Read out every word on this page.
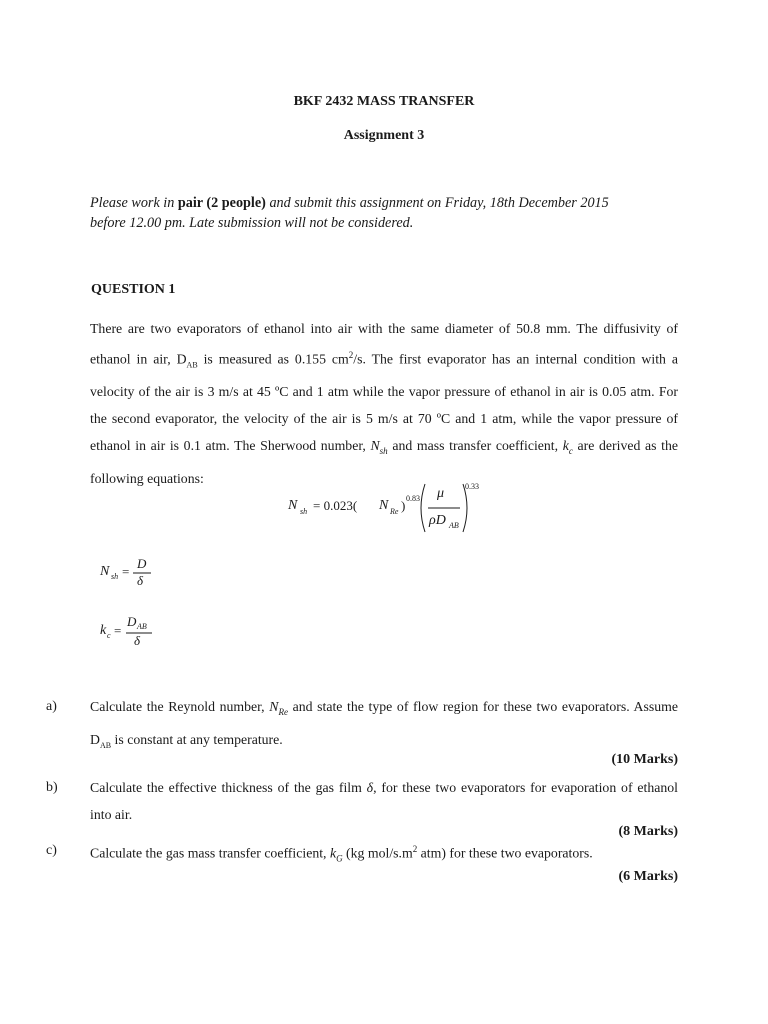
BKF 2432 MASS TRANSFER
Assignment 3
Please work in pair (2 people) and submit this assignment on Friday, 18th December 2015
before 12.00 pm. Late submission will not be considered.
QUESTION 1

There are two evaporators of ethanol into air with the same diameter of 50.8 mm. The diffusivity of ethanol in air, $D_{AB}$ is measured as 0.155 $cm^2/s$. The first evaporator has an internal condition with a velocity of the air is 3 m/s at 45 ºC and 1 atm while the vapor pressure of ethanol in air is 0.05 atm. For the second evaporator, the velocity of the air is 5 m/s at 70 ºC and 1 atm, while the vapor pressure of ethanol in air is 0.1 atm. The Sherwood number, $N_{sh}$ and mass transfer coefficient, $k_c$ are derived as the following equations:

N sh = 0.023( N Re ) 0.83 μ
ρD AB
0.33
N sh =
D
δ
k c =
D AB
δ
a) Calculate the Reynold number, $N_{Re}$ and state the type of flow region for these two evaporators. Assume $D_{AB}$ is constant at any temperature.
(10 Marks)
b) Calculate the effective thickness of the gas film δ, for these two evaporators for evaporation of ethanol into air.
(8 Marks)
c) Calculate the gas mass transfer coefficient, $k_G$ (kg mol/$s.m^2$ atm) for these two evaporators.
(6 Marks)
